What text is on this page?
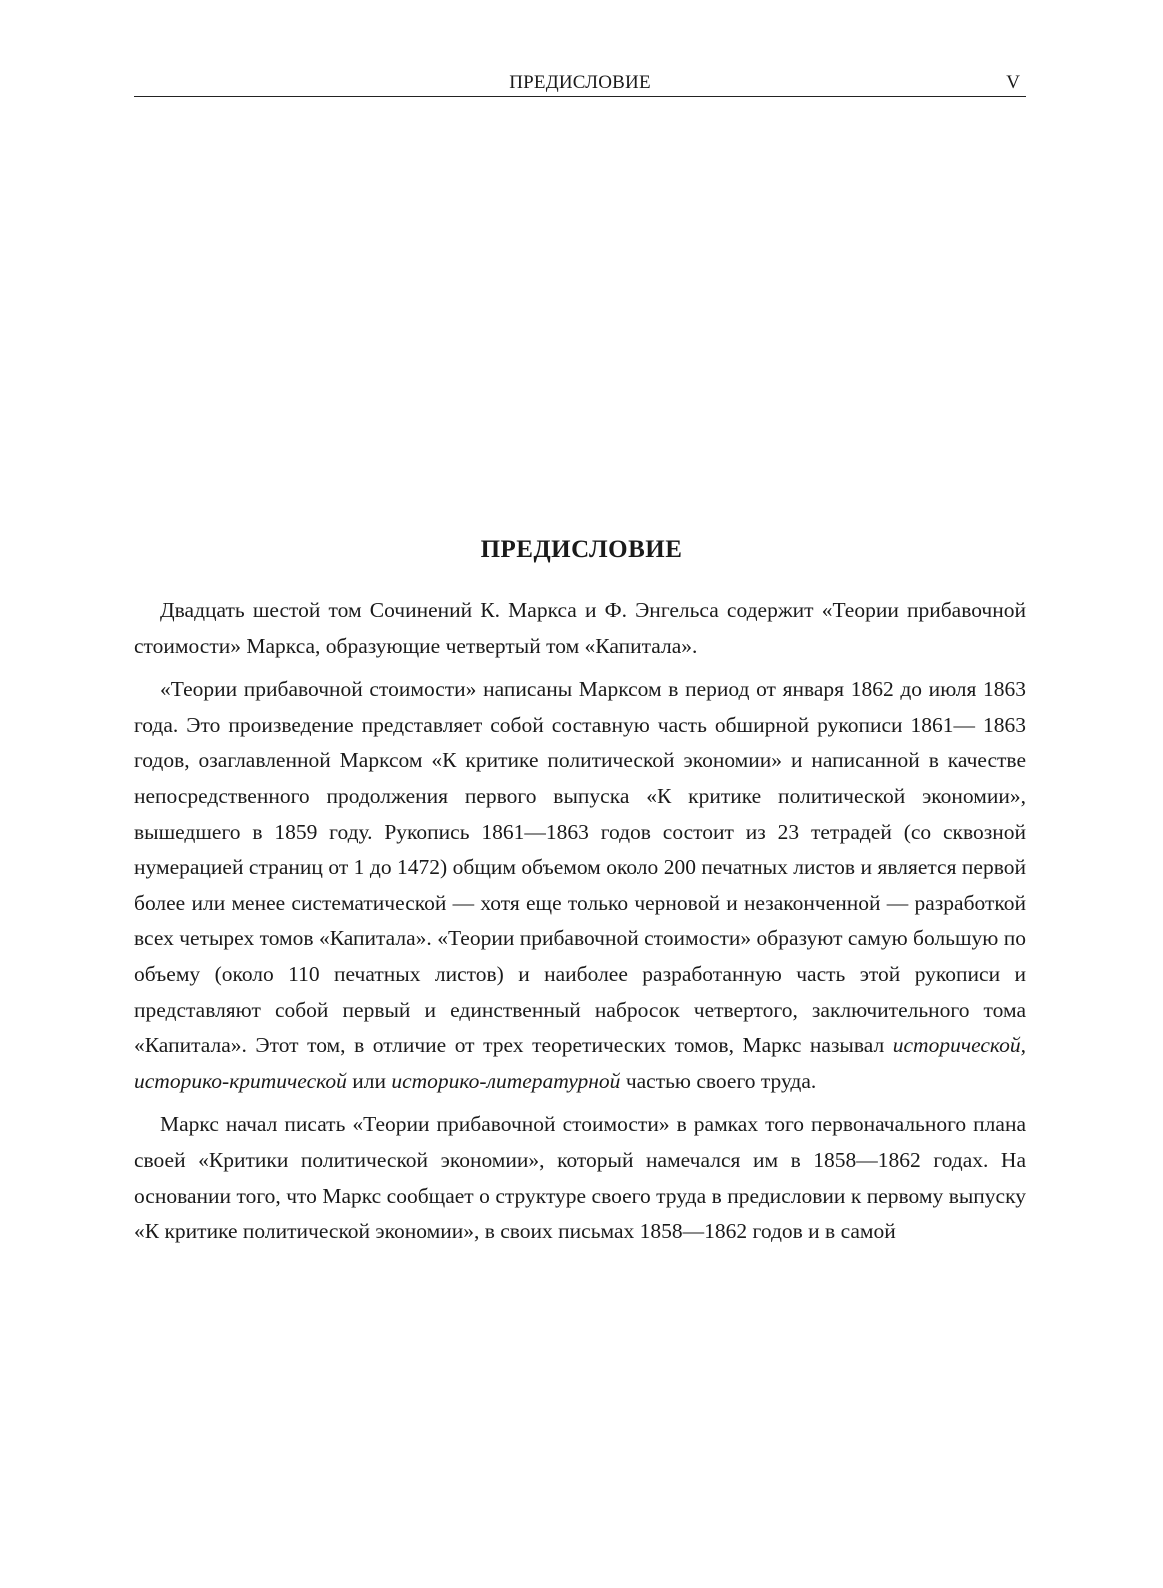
ПРЕДИСЛОВИЕ	V
ПРЕДИСЛОВИЕ

Двадцать шестой том Сочинений К. Маркса и Ф. Энгельса содержит «Теории прибавочной стоимости» Маркса, образующие четвертый том «Капитала».

«Теории прибавочной стоимости» написаны Марксом в период от января 1862 до июля 1863 года. Это произведение представляет собой составную часть обширной рукописи 1861— 1863 годов, озаглавленной Марксом «К критике политической экономии» и написанной в качестве непосредственного продолжения первого выпуска «К критике политической экономии», вышедшего в 1859 году. Рукопись 1861—1863 годов состоит из 23 тетрадей (со сквозной нумерацией страниц от 1 до 1472) общим объемом около 200 печатных листов и является первой более или менее систематической — хотя еще только черновой и незаконченной — разработкой всех четырех томов «Капитала». «Теории прибавочной стоимости» образуют самую большую по объему (около 110 печатных листов) и наиболее разработанную часть этой рукописи и представляют собой первый и единственный набросок четвертого, заключительного тома «Капитала». Этот том, в отличие от трех теоретических томов, Маркс называл исторической, историко-критической или историко-литературной частью своего труда.

Маркс начал писать «Теории прибавочной стоимости» в рамках того первоначального плана своей «Критики политической экономии», который намечался им в 1858—1862 годах. На основании того, что Маркс сообщает о структуре своего труда в предисловии к первому выпуску «К критике политической экономии», в своих письмах 1858—1862 годов и в самой
